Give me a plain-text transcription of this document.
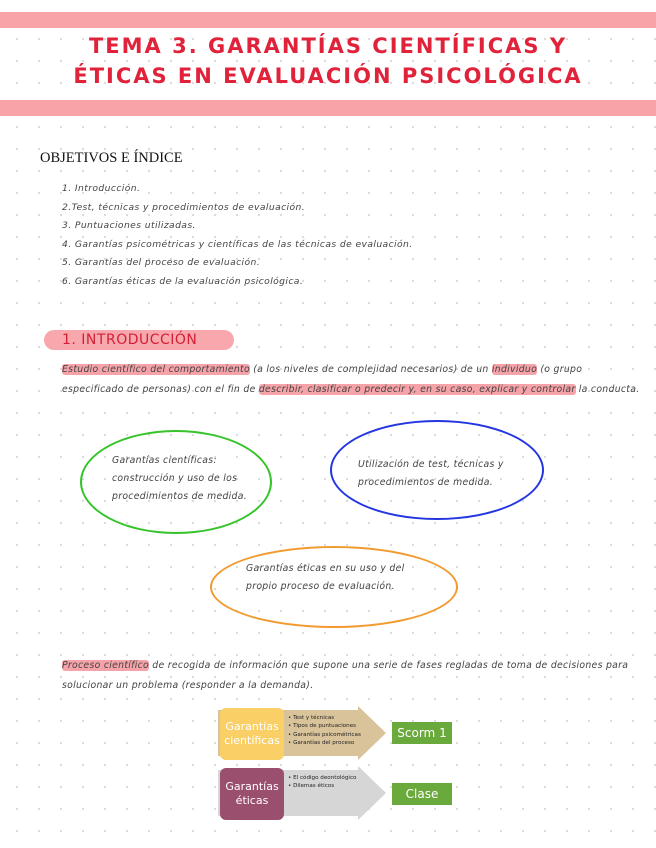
TEMA 3. GARANTÍAS CIENTÍFICAS Y
ÉTICAS EN EVALUACIÓN PSICOLÓGICA
OBJETIVOS E ÍNDICE
1. Introducción.
2.Test, técnicas y procedimientos de evaluación.
3. Puntuaciones utilizadas.
4. Garantías psicométricas y científicas de las técnicas de evaluación.
5. Garantías del proceso de evaluación.
6. Garantías éticas de la evaluación psicológica.
1. INTRODUCCIÓN

Estudio científico del comportamiento (a los niveles de complejidad necesarios) de un individuo (o grupo especificado de personas) con el fin de describir, clasificar o predecir y, en su caso, explicar y controlar la conducta.

Garantías científicas: construcción y uso de los procedimientos de medida.
Utilización de test, técnicas y procedimientos de medida.
Garantías éticas en su uso y del propio proceso de evaluación.

Proceso científico de recogida de información que supone una serie de fases regladas de toma de decisiones para solucionar un problema (responder a la demanda).

Garantías científicas
• Test y técnicas
• Tipos de puntuaciones
• Garantías psicométricas
• Garantías del proceso
Scorm 1
Garantías éticas
• El código deontológico
• Dilemas éticos
Clase
